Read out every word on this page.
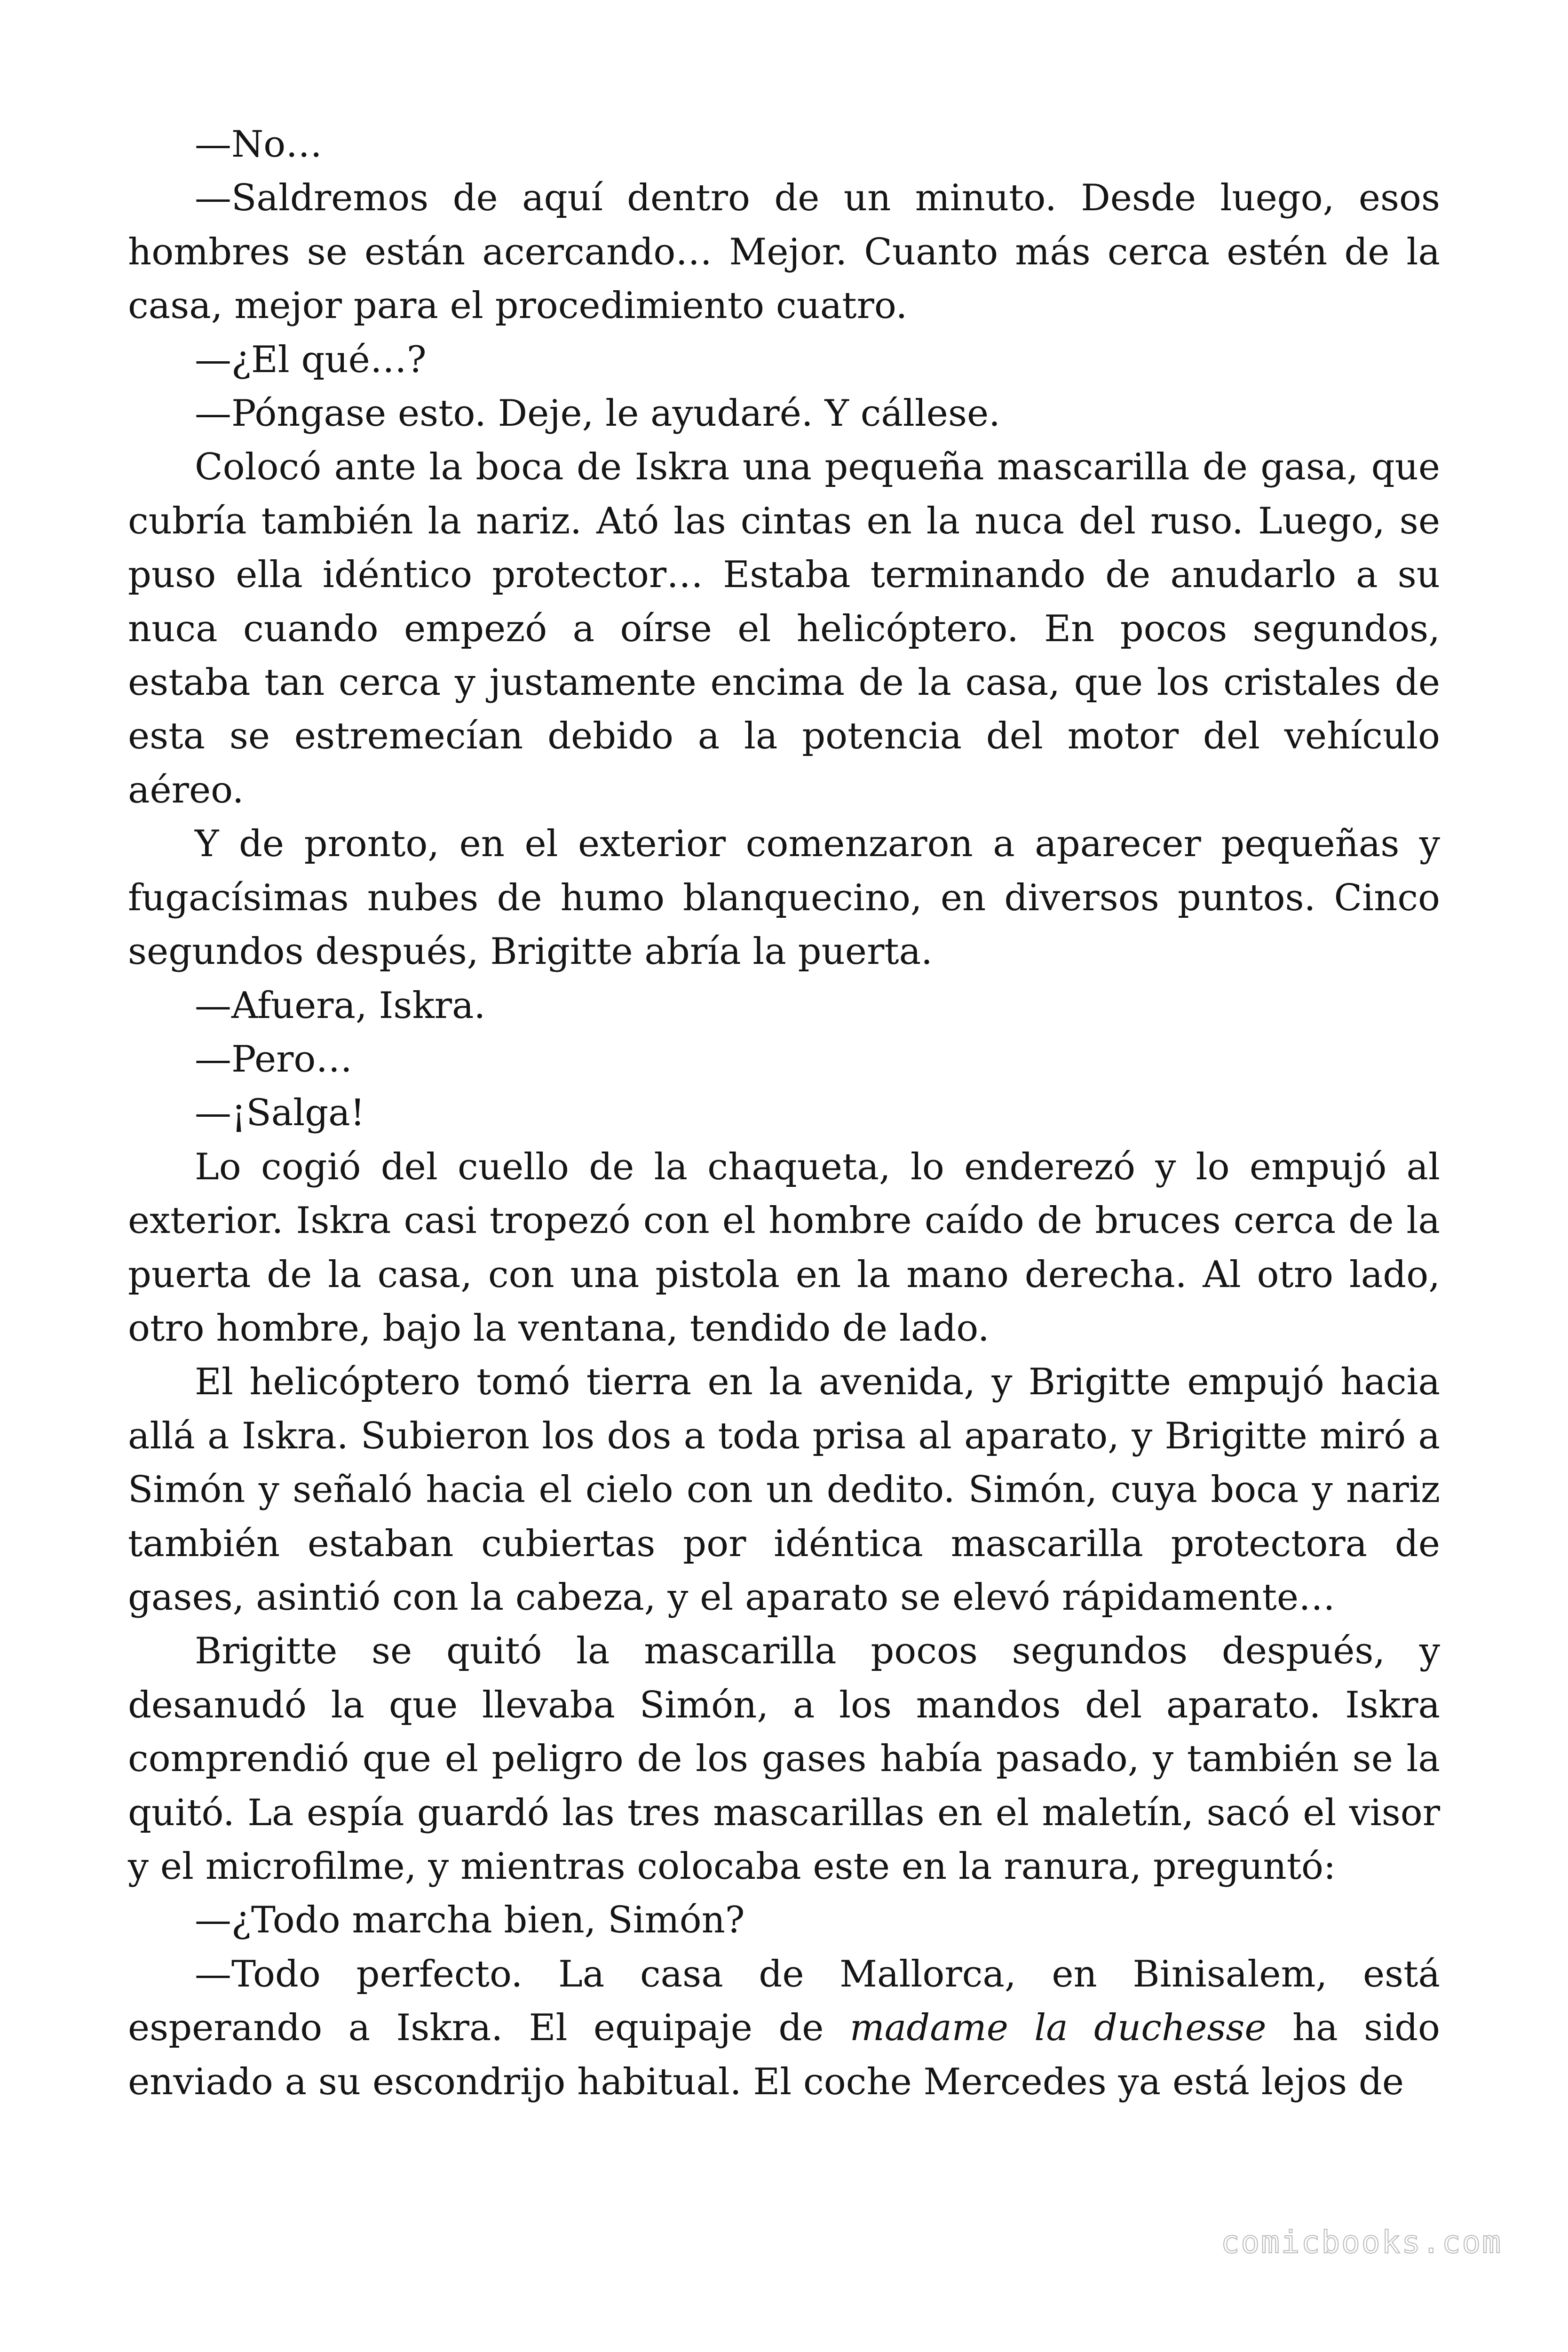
—No…

—Saldremos de aquí dentro de un minuto. Desde luego, esos hombres se están acercando… Mejor. Cuanto más cerca estén de la casa, mejor para el procedimiento cuatro.

—¿El qué…?

—Póngase esto. Deje, le ayudaré. Y cállese.

Colocó ante la boca de Iskra una pequeña mascarilla de gasa, que cubría también la nariz. Ató las cintas en la nuca del ruso. Luego, se puso ella idéntico protector… Estaba terminando de anudarlo a su nuca cuando empezó a oírse el helicóptero. En pocos segundos, estaba tan cerca y justamente encima de la casa, que los cristales de esta se estremecían debido a la potencia del motor del vehículo aéreo.

Y de pronto, en el exterior comenzaron a aparecer pequeñas y fugacísimas nubes de humo blanquecino, en diversos puntos. Cinco segundos después, Brigitte abría la puerta.

—Afuera, Iskra.

—Pero…

—¡Salga!

Lo cogió del cuello de la chaqueta, lo enderezó y lo empujó al exterior. Iskra casi tropezó con el hombre caído de bruces cerca de la puerta de la casa, con una pistola en la mano derecha. Al otro lado, otro hombre, bajo la ventana, tendido de lado.

El helicóptero tomó tierra en la avenida, y Brigitte empujó hacia allá a Iskra. Subieron los dos a toda prisa al aparato, y Brigitte miró a Simón y señaló hacia el cielo con un dedito. Simón, cuya boca y nariz también estaban cubiertas por idéntica mascarilla protectora de gases, asintió con la cabeza, y el aparato se elevó rápidamente…

Brigitte se quitó la mascarilla pocos segundos después, y desanudó la que llevaba Simón, a los mandos del aparato. Iskra comprendió que el peligro de los gases había pasado, y también se la quitó. La espía guardó las tres mascarillas en el maletín, sacó el visor y el microfilme, y mientras colocaba este en la ranura, preguntó:

—¿Todo marcha bien, Simón?

—Todo perfecto. La casa de Mallorca, en Binisalem, está esperando a Iskra. El equipaje de madame la duchesse ha sido enviado a su escondrijo habitual. El coche Mercedes ya está lejos de

comicbooks.com
